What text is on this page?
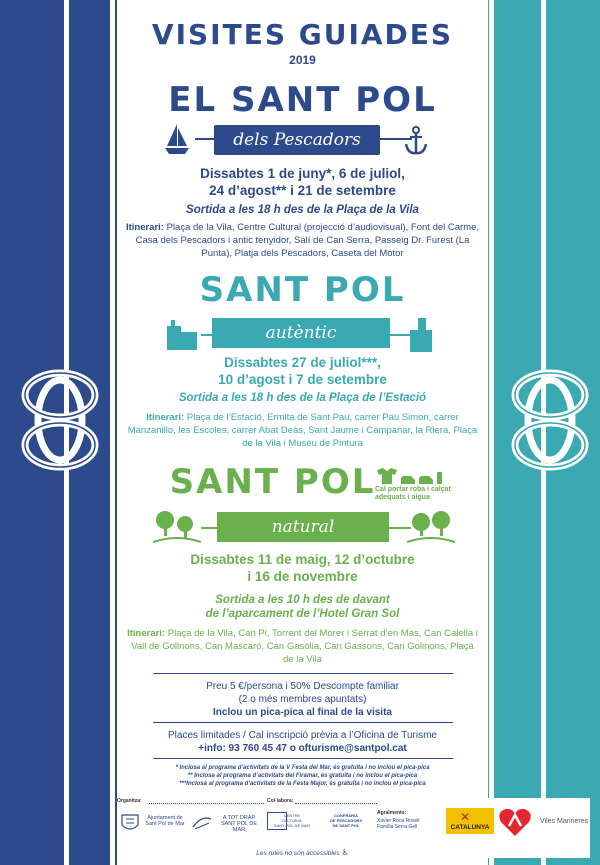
VISITES GUIADES
2019
EL SANT POL
dels Pescadors
Dissabtes 1 de juny*, 6 de juliol,
24 d’agost** i 21 de setembre
Sortida a les 18 h des de la Plaça de la Vila
Itinerari: Plaça de la Vila, Centre Cultural (projecció d’audiovisual), Font del Carme, Casa dels Pescadors i antic tenyidor, Salí de Can Serra, Passeig Dr. Furest (La Punta), Platja dels Pescadors, Caseta del Motor
SANT POL
autèntic
Dissabtes 27 de juliol***,
10 d’agost i 7 de setembre
Sortida a les 18 h des de la Plaça de l’Estació
Itinerari: Plaça de l’Estació, Ermita de Sant Pau, carrer Pau Simon, carrer Manzanillo, les Escoles, carrer Abat Deàs, Sant Jaume i Campanar, la Riera, Plaça de la Vila i Museu de Pintura
SANT POL Cal portar roba i calçat adequats i aigua
natural
Dissabtes 11 de maig, 12 d’octubre
i 16 de novembre
Sortida a les 10 h des de davant
de l’aparcament de l’Hotel Gran Sol
Itinerari: Plaça de la Vila, Can Pi, Torrent del Morer i Serrat d’en Mas, Can Calella i Vall de Golinons, Can Mascaró, Can Gasòlia, Can Gassons, Can Golinons, Plaça de la Vila
Preu 5 €/persona i 50% Descompte familiar
(2 o més membres apuntats)
Inclou un pica-pica al final de la visita
Places limitades / Cal inscripció prèvia a l’Oficina de Turisme
+info: 93 760 45 47 o ofturisme@santpol.cat
* Inclosa al programa d’activitats de la V Festa del Mar, és gratuïta i no inclou el pica-pica
** Inclosa al programa d’activitats del Firamar, és gratuïta i no inclou el pica-pica
***Inclosa al programa d’activitats de la Festa Major, és gratuïta i no inclou el pica-pica
Organitza:	Col·labora:
Ajuntament de
Sant Pol de Mar
A TOT DRAP
SANT POL DE MAR
CENTRE
CULTURAL
SANT POL DE MAR
CONFRARIA
DE PESCADORS
DE SANT POL
Agraïments:
Xavier Roca Rosell
Família Serra Gell
Les rutes no són accessibles ♿
✕
CATALUNYA
Viles Marineres
